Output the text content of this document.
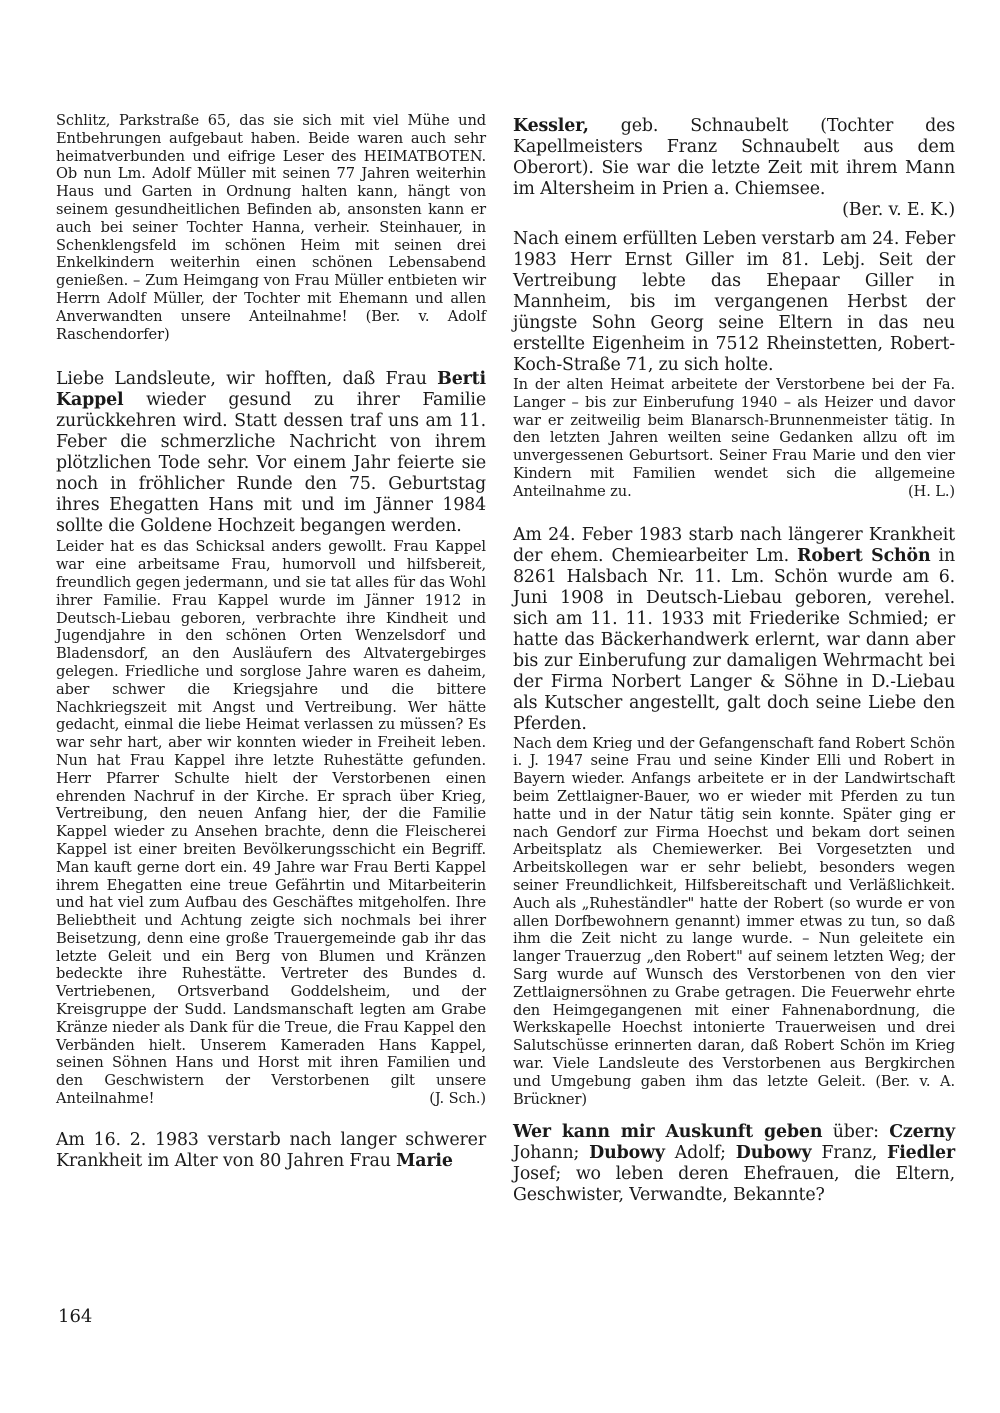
Schlitz, Parkstraße 65, das sie sich mit viel Mühe und Entbehrungen aufgebaut haben. Beide waren auch sehr heimatverbunden und eifrige Leser des HEIMATBOTEN. Ob nun Lm. Adolf Müller mit seinen 77 Jahren weiterhin Haus und Garten in Ordnung halten kann, hängt von seinem gesundheitlichen Befinden ab, ansonsten kann er auch bei seiner Tochter Hanna, verheir. Steinhauer, in Schenklengsfeld im schönen Heim mit seinen drei Enkelkindern weiterhin einen schönen Lebensabend genießen. – Zum Heimgang von Frau Müller entbieten wir Herrn Adolf Müller, der Tochter mit Ehemann und allen Anverwandten unsere Anteilnahme! (Ber. v. Adolf Raschendorfer)

Liebe Landsleute, wir hofften, daß Frau Berti Kappel wieder gesund zu ihrer Familie zurückkehren wird. Statt dessen traf uns am 11. Feber die schmerzliche Nachricht von ihrem plötzlichen Tode sehr. Vor einem Jahr feierte sie noch in fröhlicher Runde den 75. Geburtstag ihres Ehegatten Hans mit und im Jänner 1984 sollte die Goldene Hochzeit begangen werden.

Leider hat es das Schicksal anders gewollt. Frau Kappel war eine arbeitsame Frau, humorvoll und hilfsbereit, freundlich gegen jedermann, und sie tat alles für das Wohl ihrer Familie. Frau Kappel wurde im Jänner 1912 in Deutsch-Liebau geboren, verbrachte ihre Kindheit und Jugendjahre in den schönen Orten Wenzelsdorf und Bladensdorf, an den Ausläufern des Altvatergebirges gelegen. Friedliche und sorglose Jahre waren es daheim, aber schwer die Kriegsjahre und die bittere Nachkriegszeit mit Angst und Vertreibung. Wer hätte gedacht, einmal die liebe Heimat verlassen zu müssen? Es war sehr hart, aber wir konnten wieder in Freiheit leben. Nun hat Frau Kappel ihre letzte Ruhestätte gefunden. Herr Pfarrer Schulte hielt der Verstorbenen einen ehrenden Nachruf in der Kirche. Er sprach über Krieg, Vertreibung, den neuen Anfang hier, der die Familie Kappel wieder zu Ansehen brachte, denn die Fleischerei Kappel ist einer breiten Bevölkerungsschicht ein Begriff. Man kauft gerne dort ein. 49 Jahre war Frau Berti Kappel ihrem Ehegatten eine treue Gefährtin und Mitarbeiterin und hat viel zum Aufbau des Geschäftes mitgeholfen. Ihre Beliebtheit und Achtung zeigte sich nochmals bei ihrer Beisetzung, denn eine große Trauergemeinde gab ihr das letzte Geleit und ein Berg von Blumen und Kränzen bedeckte ihre Ruhestätte. Vertreter des Bundes d. Vertriebenen, Ortsverband Goddelsheim, und der Kreisgruppe der Sudd. Landsmanschaft legten am Grabe Kränze nieder als Dank für die Treue, die Frau Kappel den Verbänden hielt. Unserem Kameraden Hans Kappel, seinen Söhnen Hans und Horst mit ihren Familien und den Geschwistern der Verstorbenen gilt unsere Anteilnahme!	(J. Sch.)

Am 16. 2. 1983 verstarb nach langer schwerer Krankheit im Alter von 80 Jahren Frau Marie

164

Kessler, geb. Schnaubelt (Tochter des Kapellmeisters Franz Schnaubelt aus dem Oberort). Sie war die letzte Zeit mit ihrem Mann im Altersheim in Prien a. Chiemsee.

(Ber. v. E. K.)

Nach einem erfüllten Leben verstarb am 24. Feber 1983 Herr Ernst Giller im 81. Lebj. Seit der Vertreibung lebte das Ehepaar Giller in Mannheim, bis im vergangenen Herbst der jüngste Sohn Georg seine Eltern in das neu erstellte Eigenheim in 7512 Rheinstetten, Robert-Koch-Straße 71, zu sich holte.

In der alten Heimat arbeitete der Verstorbene bei der Fa. Langer – bis zur Einberufung 1940 – als Heizer und davor war er zeitweilig beim Blanarsch-Brunnenmeister tätig. In den letzten Jahren weilten seine Gedanken allzu oft im unvergessenen Geburtsort. Seiner Frau Marie und den vier Kindern mit Familien wendet sich die allgemeine Anteilnahme zu.	(H. L.)

Am 24. Feber 1983 starb nach längerer Krankheit der ehem. Chemiearbeiter Lm. Robert Schön in 8261 Halsbach Nr. 11. Lm. Schön wurde am 6. Juni 1908 in Deutsch-Liebau geboren, verehel. sich am 11. 11. 1933 mit Friederike Schmied; er hatte das Bäckerhandwerk erlernt, war dann aber bis zur Einberufung zur damaligen Wehrmacht bei der Firma Norbert Langer & Söhne in D.-Liebau als Kutscher angestellt, galt doch seine Liebe den Pferden.

Nach dem Krieg und der Gefangenschaft fand Robert Schön i. J. 1947 seine Frau und seine Kinder Elli und Robert in Bayern wieder. Anfangs arbeitete er in der Landwirtschaft beim Zettlaigner-Bauer, wo er wieder mit Pferden zu tun hatte und in der Natur tätig sein konnte. Später ging er nach Gendorf zur Firma Hoechst und bekam dort seinen Arbeitsplatz als Chemiewerker. Bei Vorgesetzten und Arbeitskollegen war er sehr beliebt, besonders wegen seiner Freundlichkeit, Hilfsbereitschaft und Verläßlichkeit. Auch als „Ruheständler" hatte der Robert (so wurde er von allen Dorfbewohnern genannt) immer etwas zu tun, so daß ihm die Zeit nicht zu lange wurde. – Nun geleitete ein langer Trauerzug „den Robert" auf seinem letzten Weg; der Sarg wurde auf Wunsch des Verstorbenen von den vier Zettlaignersöhnen zu Grabe getragen. Die Feuerwehr ehrte den Heimgegangenen mit einer Fahnenabordnung, die Werkskapelle Hoechst intonierte Trauerweisen und drei Salutschüsse erinnerten daran, daß Robert Schön im Krieg war. Viele Landsleute des Verstorbenen aus Bergkirchen und Umgebung gaben ihm das letzte Geleit. (Ber. v. A. Brückner)

Wer kann mir Auskunft geben über: Czerny Johann; Dubowy Adolf; Dubowy Franz, Fiedler Josef; wo leben deren Ehefrauen, die Eltern, Geschwister, Verwandte, Bekannte?
